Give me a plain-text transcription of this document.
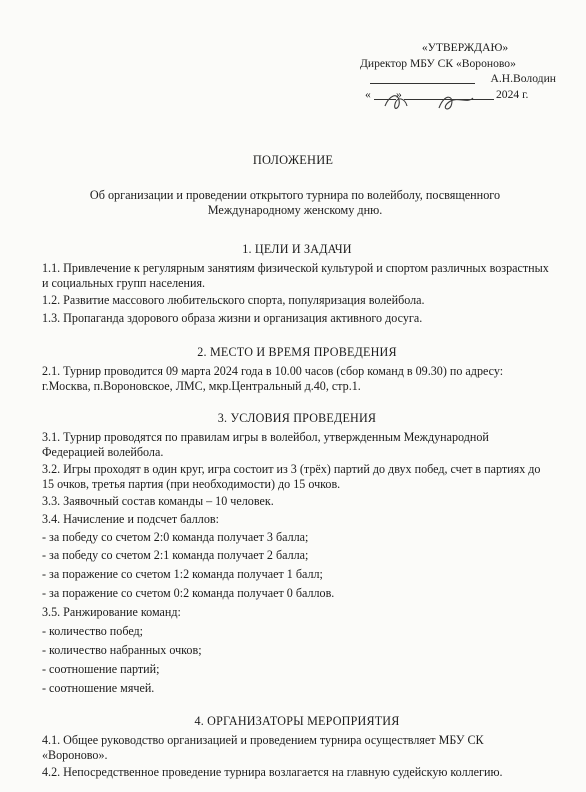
«УТВЕРЖДАЮ»
Директор МБУ СК «Вороново»
А.Н.Володин
« »	2024 г.
ПОЛОЖЕНИЕ
Об организации и проведении открытого турнира по волейболу, посвященного Международному женскому дню.
1. ЦЕЛИ И ЗАДАЧИ
1.1. Привлечение к регулярным занятиям физической культурой и спортом различных возрастных и социальных групп населения.
1.2. Развитие массового любительского спорта, популяризация волейбола.
1.3. Пропаганда здорового образа жизни и организация активного досуга.
2. МЕСТО И ВРЕМЯ ПРОВЕДЕНИЯ
2.1. Турнир проводится 09 марта 2024 года в 10.00 часов (сбор команд в 09.30) по адресу: г.Москва, п.Вороновское, ЛМС, мкр.Центральный д.40, стр.1.
3. УСЛОВИЯ ПРОВЕДЕНИЯ
3.1. Турнир проводятся по правилам игры в волейбол, утвержденным Международной Федерацией волейбола.
3.2. Игры проходят в один круг, игра состоит из 3 (трёх) партий до двух побед, счет в партиях до 15 очков, третья партия (при необходимости) до 15 очков.
3.3. Заявочный состав команды – 10 человек.
3.4. Начисление и подсчет баллов:
- за победу со счетом 2:0 команда получает 3 балла;
- за победу со счетом 2:1 команда получает 2 балла;
- за поражение со счетом 1:2 команда получает 1 балл;
- за поражение со счетом 0:2 команда получает 0 баллов.
3.5. Ранжирование команд:
- количество побед;
- количество набранных очков;
- соотношение партий;
- соотношение мячей.
4. ОРГАНИЗАТОРЫ МЕРОПРИЯТИЯ
4.1. Общее руководство организацией и проведением турнира осуществляет МБУ СК «Вороново».
4.2. Непосредственное проведение турнира возлагается на главную судейскую коллегию.
